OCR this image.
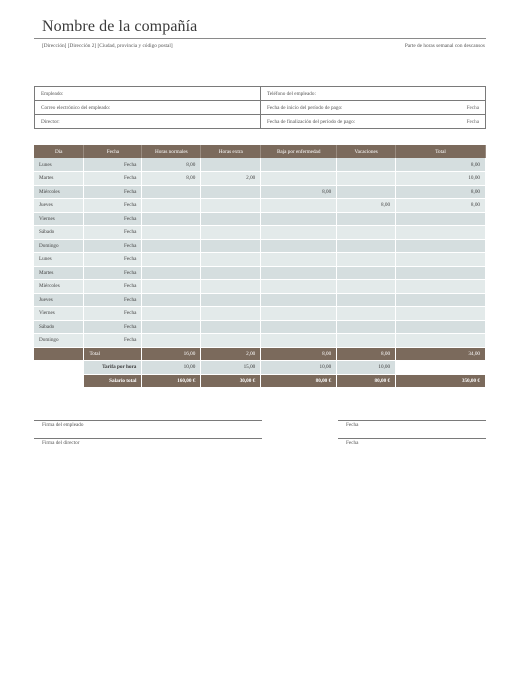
Nombre de la compañía
[Dirección] [Dirección 2] [Ciudad, provincia y código postal]	Parte de horas semanal con descansos
Empleado:	Teléfono del empleado:
Correo electrónico del empleado:	Fecha de inicio del período de pago: Fecha

Director:	Fecha de finalización del período de pago: Fecha
Día	Fecha	Horas normales	Horas extra	Baja por enfermedad	Vacaciones	Total
Lunes	Fecha	8,00				8,00
Martes	Fecha	8,00	2,00			10,00
Miércoles	Fecha			8,00		8,00
Jueves	Fecha				8,00	8,00
Viernes	Fecha					
Sábado	Fecha					
Domingo	Fecha					
Lunes	Fecha					
Martes	Fecha					
Miércoles	Fecha					
Jueves	Fecha					
Viernes	Fecha					
Sábado	Fecha					
Domingo	Fecha					
	Total	16,00	2,00	8,00	8,00	34,00
	Tarifa por hora	10,00	15,00	10,00	10,00	
	Salario total	160,00 €	30,00 €	80,00 €	80,00 €	350,00 €
Firma del empleado	Fecha
Firma del director	Fecha
